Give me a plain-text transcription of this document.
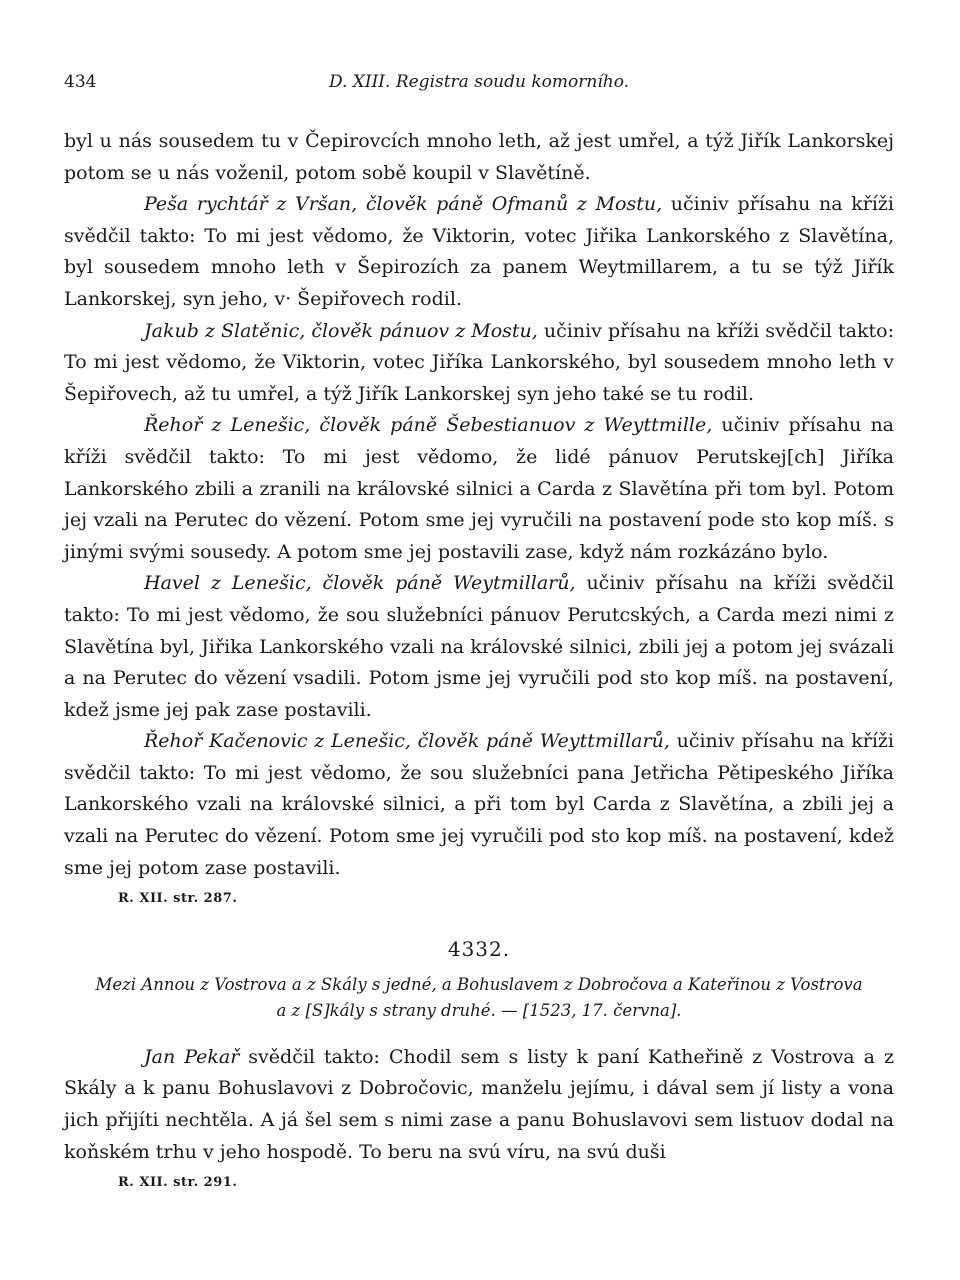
434	D. XIII. Registra soudu komorního.

byl u nás sousedem tu v Čepirovcích mnoho leth, až jest umřel, a týž Jiřík Lankorskej potom se u nás voženil, potom sobě koupil v Slavětíně.

Peša rychtář z Vršan, člověk páně Ofmanů z Mostu, učiniv přísahu na kříži svědčil takto: To mi jest vědomo, že Viktorin, votec Jiřika Lankorského z Slavětína, byl sousedem mnoho leth v Šepirozích za panem Weytmillarem, a tu se týž Jiřík Lankorskej, syn jeho, v· Šepiřovech rodil.

Jakub z Slatěnic, člověk pánuov z Mostu, učiniv přísahu na kříži svědčil takto: To mi jest vědomo, že Viktorin, votec Jiříka Lankorského, byl sousedem mnoho leth v Šepiřovech, až tu umřel, a týž Jiřík Lankorskej syn jeho také se tu rodil.

Řehoř z Lenešic, člověk páně Šebestianuov z Weyttmille, učiniv přísahu na kříži svědčil takto: To mi jest vědomo, že lidé pánuov Perutskej[ch] Jiříka Lankorského zbili a zranili na královské silnici a Carda z Slavětína při tom byl. Potom jej vzali na Perutec do vězení. Potom sme jej vyručili na postavení pode sto kop míš. s jinými svými sousedy. A potom sme jej postavili zase, když nám rozkázáno bylo.

Havel z Lenešic, člověk páně Weytmillarů, učiniv přísahu na kříži svědčil takto: To mi jest vědomo, že sou služebníci pánuov Perutcských, a Carda mezi nimi z Slavětína byl, Jiřika Lankorského vzali na královské silnici, zbili jej a potom jej svázali a na Perutec do vězení vsadili. Potom jsme jej vyručili pod sto kop míš. na postavení, kdež jsme jej pak zase postavili.

Řehoř Kačenovic z Lenešic, člověk páně Weyttmillarů, učiniv přísahu na kříži svědčil takto: To mi jest vědomo, že sou služebníci pana Jetřicha Pětipeského Jiříka Lankorského vzali na královské silnici, a při tom byl Carda z Slavětína, a zbili jej a vzali na Perutec do vězení. Potom sme jej vyručili pod sto kop míš. na postavení, kdež sme jej potom zase postavili.

R. XII. str. 287.
4332.
Mezi Annou z Vostrova a z Skály s jedné, a Bohuslavem z Dobročova a Kateřinou z Vostrova
a z [S]kály s strany druhé. — [1523, 17. června].

Jan Pekař svědčil takto: Chodil sem s listy k paní Katheřině z Vostrova a z Skály a k panu Bohuslavovi z Dobročovic, manželu jejímu, i dával sem jí listy a vona jich přijíti nechtěla. A já šel sem s nimi zase a panu Bohuslavovi sem listuov dodal na koňském trhu v jeho hospodě. To beru na svú víru, na svú duši

R. XII. str. 291.
